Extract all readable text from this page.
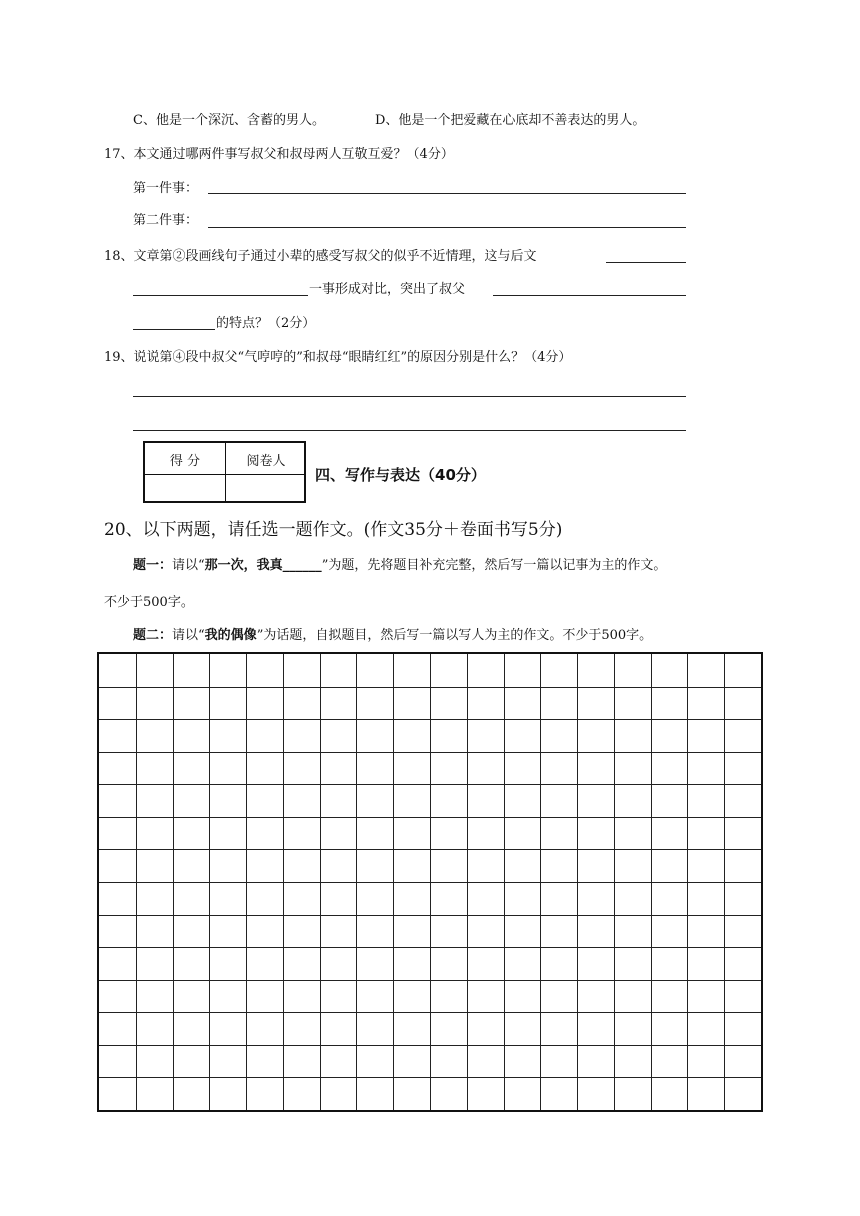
C、他是一个深沉、含蓄的男人。	D、他是一个把爱藏在心底却不善表达的男人。
17、本文通过哪两件事写叔父和叔母两人互敬互爱？（4分）
第一件事：
第二件事：
18、文章第②段画线句子通过小辈的感受写叔父的似乎不近情理，这与后文
一事形成对比，突出了叔父
的特点？（2分）
19、说说第④段中叔父“气哼哼的”和叔母“眼睛红红”的原因分别是什么？（4分）
得 分	阅卷人
四、写作与表达（40分）
20、以下两题，请任选一题作文。(作文35分＋卷面书写5分)
题一：请以“那一次，我真______”为题，先将题目补充完整，然后写一篇以记事为主的作文。
不少于500字。
题二：请以“我的偶像”为话题，自拟题目，然后写一篇以写人为主的作文。不少于500字。
